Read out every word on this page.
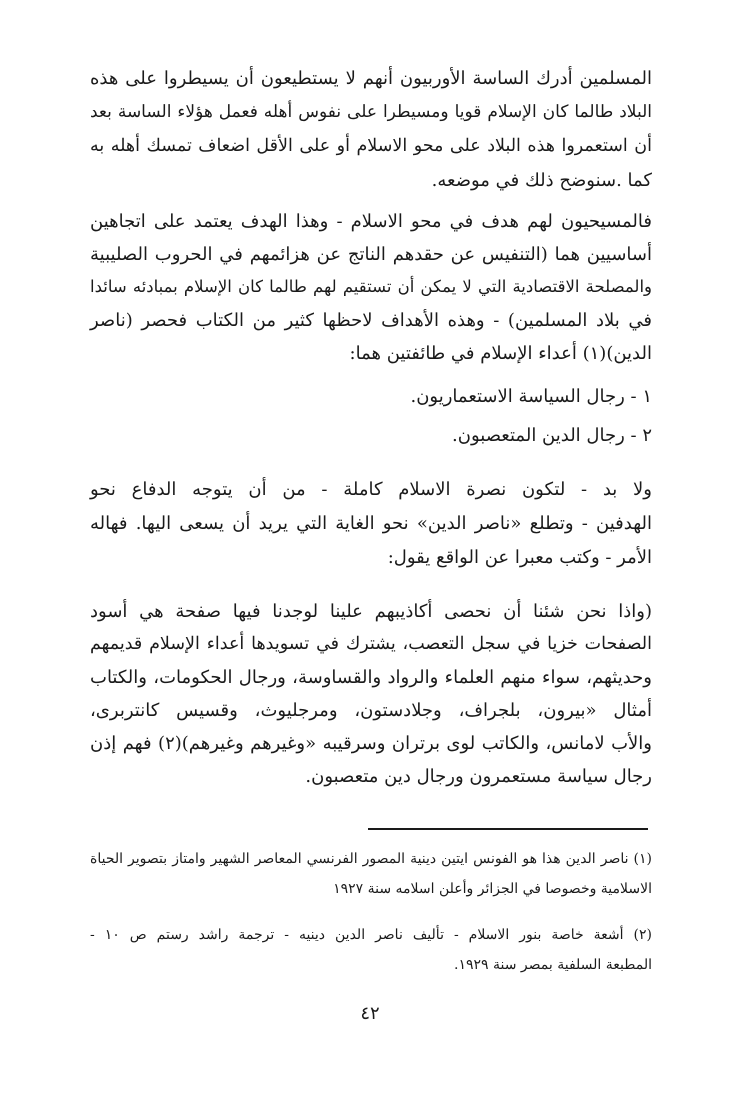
المسلمين أدرك الساسة الأوربيون أنهم لا يستطيعون أن يسيطروا على هذه
البلاد طالما كان الإسلام قويا ومسيطرا على نفوس أهله فعمل هؤلاء الساسة بعد
أن استعمروا هذه البلاد على محو الاسلام أو على الأقل اضعاف تمسك أهله به
كما .سنوضح ذلك في موضعه.
فالمسيحيون لهم هدف في محو الاسلام - وهذا الهدف يعتمد على اتجاهين
أساسيين هما (التنفيس عن حقدهم الناتج عن هزائمهم في الحروب الصليبية
والمصلحة الاقتصادية التي لا يمكن أن تستقيم لهم طالما كان الإسلام بمبادئه سائدا
في بلاد المسلمين) - وهذه الأهداف لاحظها كثير من الكتاب فحصر (ناصر
الدين)(١) أعداء الإسلام في طائفتين هما:
١ - رجال السياسة الاستعماريون.
٢ - رجال الدين المتعصبون.
ولا بد - لتكون نصرة الاسلام كاملة - من أن يتوجه الدفاع نحو
الهدفين - وتطلع «ناصر الدين» نحو الغاية التي يريد أن يسعى اليها. فهاله
الأمر - وكتب معبرا عن الواقع يقول:
(واذا نحن شئنا أن نحصى أكاذيبهم علينا لوجدنا فيها صفحة هي أسود
الصفحات خزيا في سجل التعصب، يشترك في تسويدها أعداء الإسلام قديمهم
وحديثهم، سواء منهم العلماء والرواد والقساوسة، ورجال الحكومات، والكتاب
أمثال «بيرون، بلجراف، وجلادستون، ومرجليوث، وقسيس كانتربرى،
والأب لامانس، والكاتب لوى برتران وسرقيبه «وغيرهم وغيرهم)(٢) فهم إذن
رجال سياسة مستعمرون ورجال دين متعصبون.
(١) ناصر الدين هذا هو الفونس ايتين دينية المصور الفرنسي المعاصر الشهير وامتاز بتصوير الحياة
الاسلامية وخصوصا في الجزائر وأعلن اسلامه سنة ١٩٢٧
(٢) أشعة خاصة بنور الاسلام - تأليف ناصر الدين دينيه - ترجمة راشد رستم ص ١٠ -
المطبعة السلفية بمصر سنة ١٩٢٩.
٤٢
